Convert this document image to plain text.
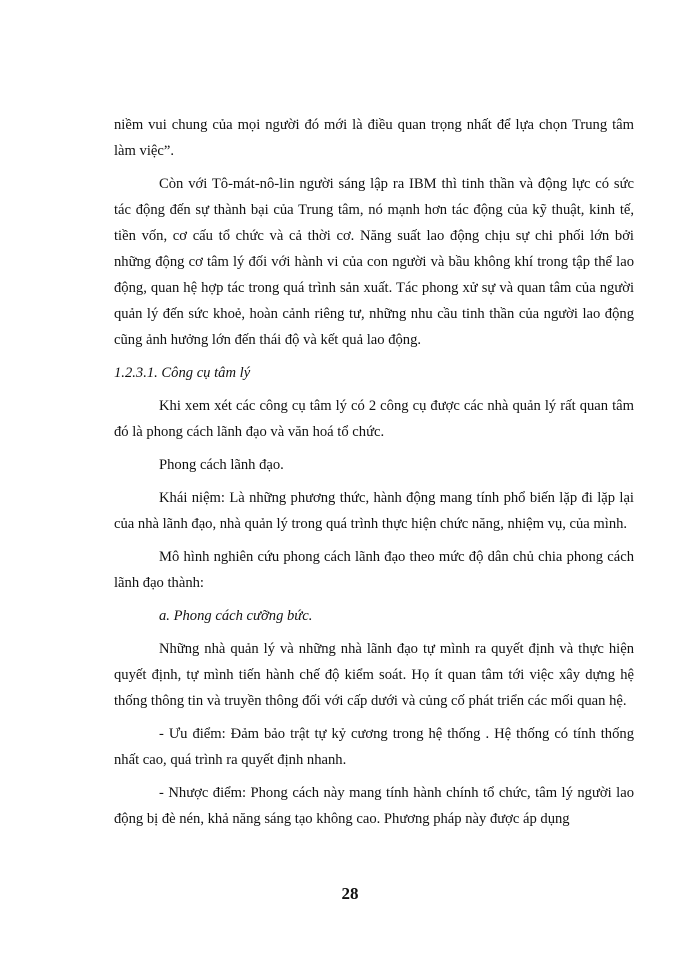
niềm vui chung của mọi người đó mới là điều quan trọng nhất để lựa chọn Trung tâm làm việc”.

Còn với Tô-mát-nô-lin người sáng lập ra IBM thì tinh thần và động lực có sức tác động đến sự thành bại của Trung tâm, nó mạnh hơn tác động của kỹ thuật, kinh tế, tiền vốn, cơ cấu tổ chức và cả thời cơ. Năng suất lao động chịu sự chi phối lớn bởi những động cơ tâm lý đối với hành vi của con người và bầu không khí trong tập thể lao động, quan hệ hợp tác trong quá trình sản xuất. Tác phong xử sự và quan tâm của người quản lý đến sức khoẻ, hoàn cảnh riêng tư, những nhu cầu tinh thần của người lao động cũng ảnh hưởng lớn đến thái độ và kết quả lao động.

1.2.3.1. Công cụ tâm lý

Khi xem xét các công cụ tâm lý có 2 công cụ được các nhà quản lý rất quan tâm đó là phong cách lãnh đạo và văn hoá tổ chức.

Phong cách lãnh đạo.

Khái niệm: Là những phương thức, hành động mang tính phổ biến lặp đi lặp lại của nhà lãnh đạo, nhà quản lý trong quá trình thực hiện chức năng, nhiệm vụ, của mình.

Mô hình nghiên cứu phong cách lãnh đạo theo mức độ dân chủ chia phong cách lãnh đạo thành:

a. Phong cách cưỡng bức.

Những nhà quản lý và những nhà lãnh đạo tự mình ra quyết định và thực hiện quyết định, tự mình tiến hành chế độ kiểm soát. Họ ít quan tâm tới việc xây dựng hệ thống thông tin và truyền thông đối với cấp dưới và củng cố phát triển các mối quan hệ.

- Ưu điểm: Đảm bảo trật tự kỷ cương trong hệ thống . Hệ thống có tính thống nhất cao, quá trình ra quyết định nhanh.

- Nhược điểm: Phong cách này mang tính hành chính tổ chức, tâm lý người lao động bị đè nén, khả năng sáng tạo không cao. Phương pháp này được áp dụng

28
